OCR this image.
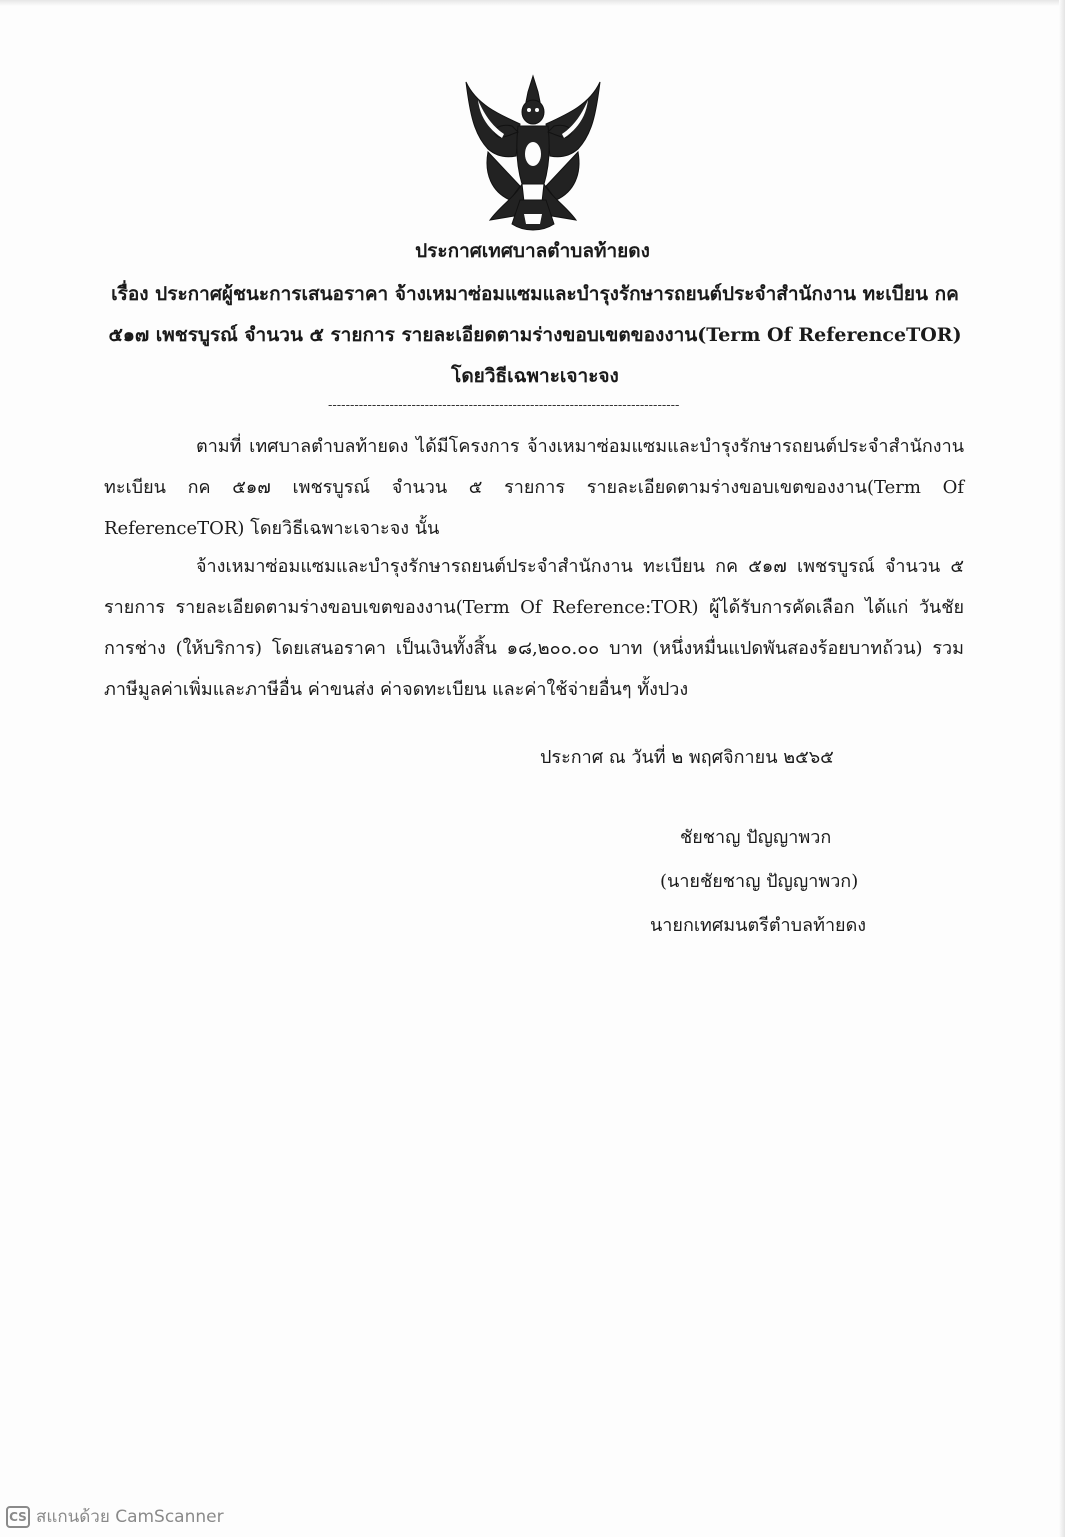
ประกาศเทศบาลตำบลท้ายดง
เรื่อง ประกาศผู้ชนะการเสนอราคา จ้างเหมาซ่อมแซมและบำรุงรักษารถยนต์ประจำสำนักงาน ทะเบียน กค ๕๑๗ เพชรบูรณ์ จำนวน ๕ รายการ รายละเอียดตามร่างขอบเขตของงาน(Term Of ReferenceTOR) โดยวิธีเฉพาะเจาะจง
--------------------------------------------------------------------------------
ตามที่ เทศบาลตำบลท้ายดง ได้มีโครงการ จ้างเหมาซ่อมแซมและบำรุงรักษารถยนต์ประจำสำนักงาน ทะเบียน กค ๕๑๗ เพชรบูรณ์ จำนวน ๕ รายการ รายละเอียดตามร่างขอบเขตของงาน(Term Of ReferenceTOR) โดยวิธีเฉพาะเจาะจง นั้น
จ้างเหมาซ่อมแซมและบำรุงรักษารถยนต์ประจำสำนักงาน ทะเบียน กค ๕๑๗ เพชรบูรณ์ จำนวน ๕ รายการ รายละเอียดตามร่างขอบเขตของงาน(Term Of Reference:TOR) ผู้ได้รับการคัดเลือก ได้แก่ วันชัย การช่าง (ให้บริการ) โดยเสนอราคา เป็นเงินทั้งสิ้น ๑๘,๒๐๐.๐๐ บาท (หนึ่งหมื่นแปดพันสองร้อยบาทถ้วน) รวมภาษีมูลค่าเพิ่มและภาษีอื่น ค่าขนส่ง ค่าจดทะเบียน และค่าใช้จ่ายอื่นๆ ทั้งปวง
ประกาศ ณ วันที่ ๒ พฤศจิกายน ๒๕๖๕
ชัยชาญ ปัญญาพวก
(นายชัยชาญ ปัญญาพวก)
นายกเทศมนตรีตำบลท้ายดง
CS สแกนด้วย CamScanner
